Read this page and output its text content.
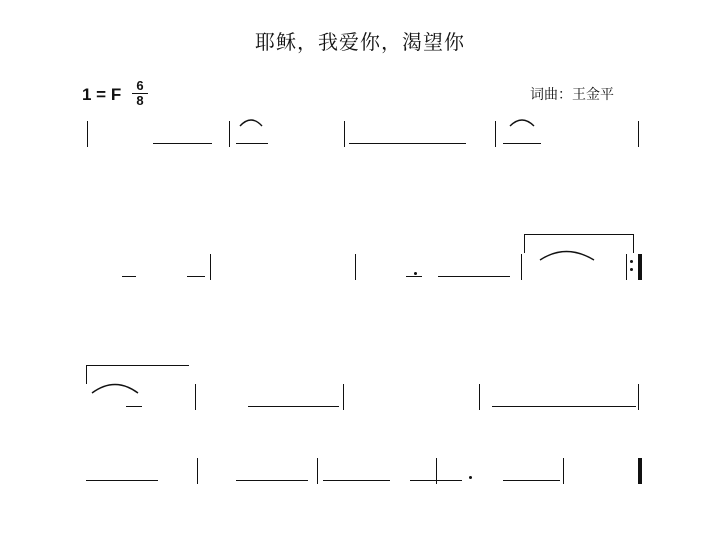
耶稣，我爱你，渴望你
1 = F	6
8	词曲：王金平
